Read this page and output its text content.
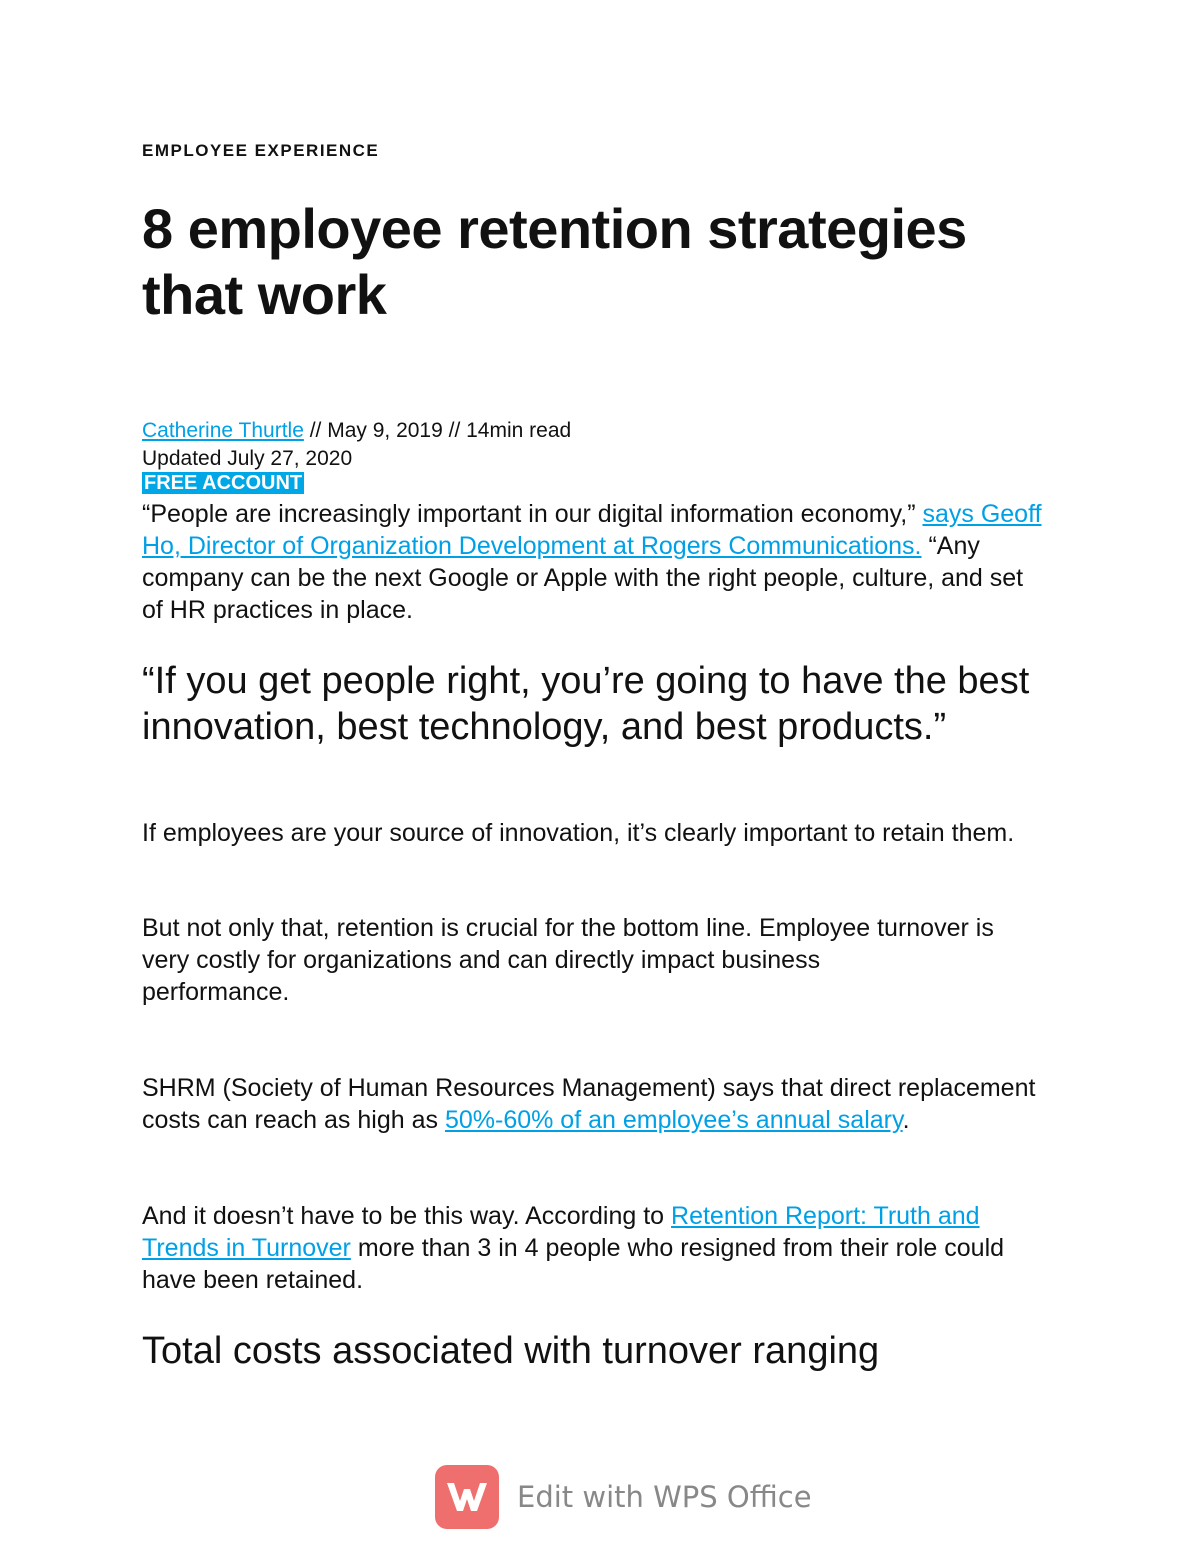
EMPLOYEE EXPERIENCE
8 employee retention strategies that work
Catherine Thurtle // May 9, 2019 // 14min read
Updated July 27, 2020
FREE ACCOUNT

“People are increasingly important in our digital information economy,” says Geoff Ho, Director of Organization Development at Rogers Communications. “Any company can be the next Google or Apple with the right people, culture, and set of HR practices in place.

“If you get people right, you’re going to have the best innovation, best technology, and best products.”

If employees are your source of innovation, it’s clearly important to retain them.

But not only that, retention is crucial for the bottom line. Employee turnover is very costly for organizations and can directly impact business
performance.

SHRM (Society of Human Resources Management) says that direct replacement costs can reach as high as 50%-60% of an employee’s annual salary.

And it doesn’t have to be this way. According to Retention Report: Truth and Trends in Turnover more than 3 in 4 people who resigned from their role could have been retained.

Total costs associated with turnover ranging
Edit with WPS Office
